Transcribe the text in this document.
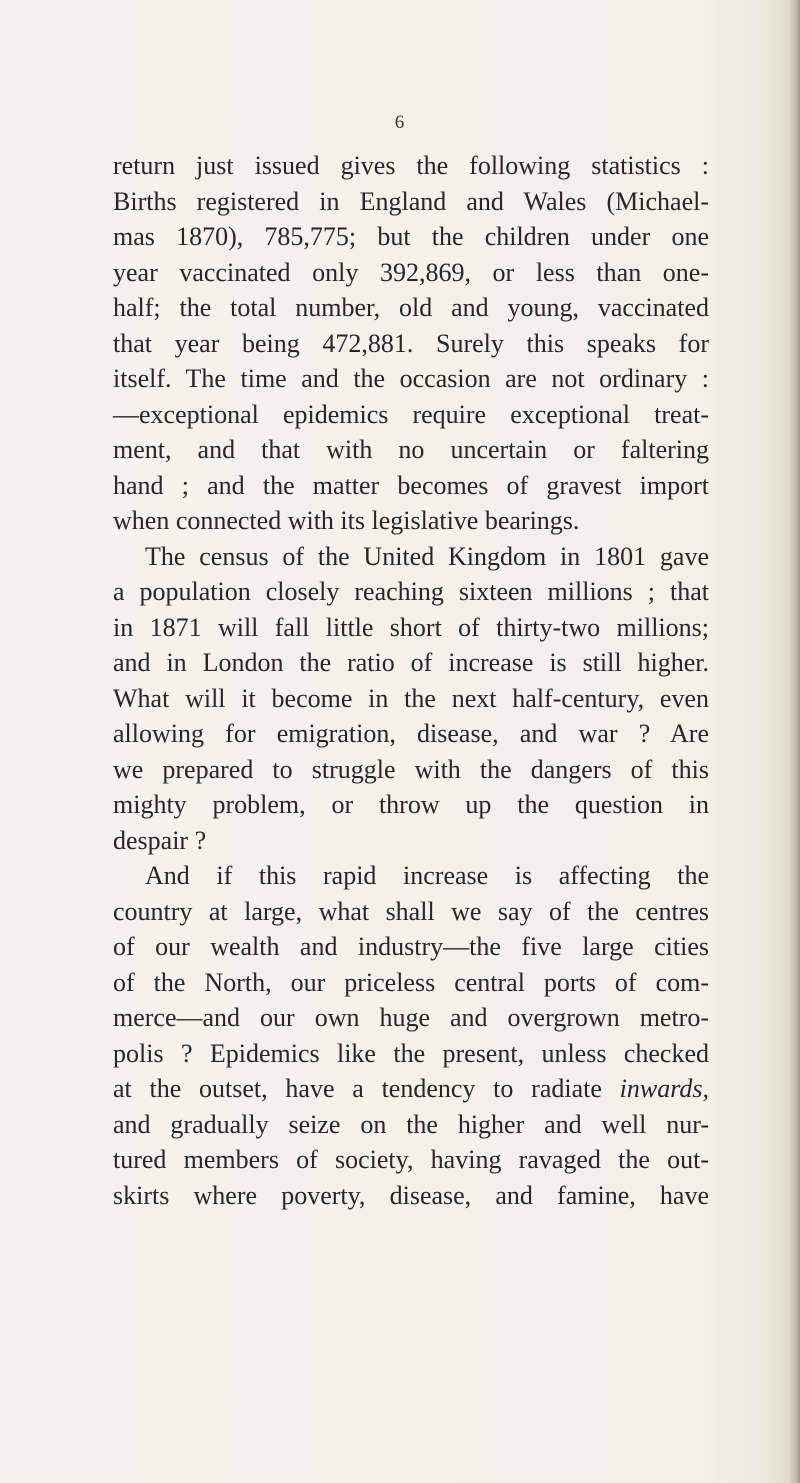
6
return just issued gives the following statistics :
Births registered in England and Wales (Michael-
mas 1870), 785,775; but the children under one
year vaccinated only 392,869, or less than one-
half; the total number, old and young, vaccinated
that year being 472,881. Surely this speaks for
itself. The time and the occasion are not ordinary :
—exceptional epidemics require exceptional treat-
ment, and that with no uncertain or faltering
hand ; and the matter becomes of gravest import
when connected with its legislative bearings.
The census of the United Kingdom in 1801 gave
a population closely reaching sixteen millions ; that
in 1871 will fall little short of thirty-two millions;
and in London the ratio of increase is still higher.
What will it become in the next half-century, even
allowing for emigration, disease, and war ? Are
we prepared to struggle with the dangers of this
mighty problem, or throw up the question in
despair ?
And if this rapid increase is affecting the
country at large, what shall we say of the centres
of our wealth and industry—the five large cities
of the North, our priceless central ports of com-
merce—and our own huge and overgrown metro-
polis ? Epidemics like the present, unless checked
at the outset, have a tendency to radiate inwards,
and gradually seize on the higher and well nur-
tured members of society, having ravaged the out-
skirts where poverty, disease, and famine, have
